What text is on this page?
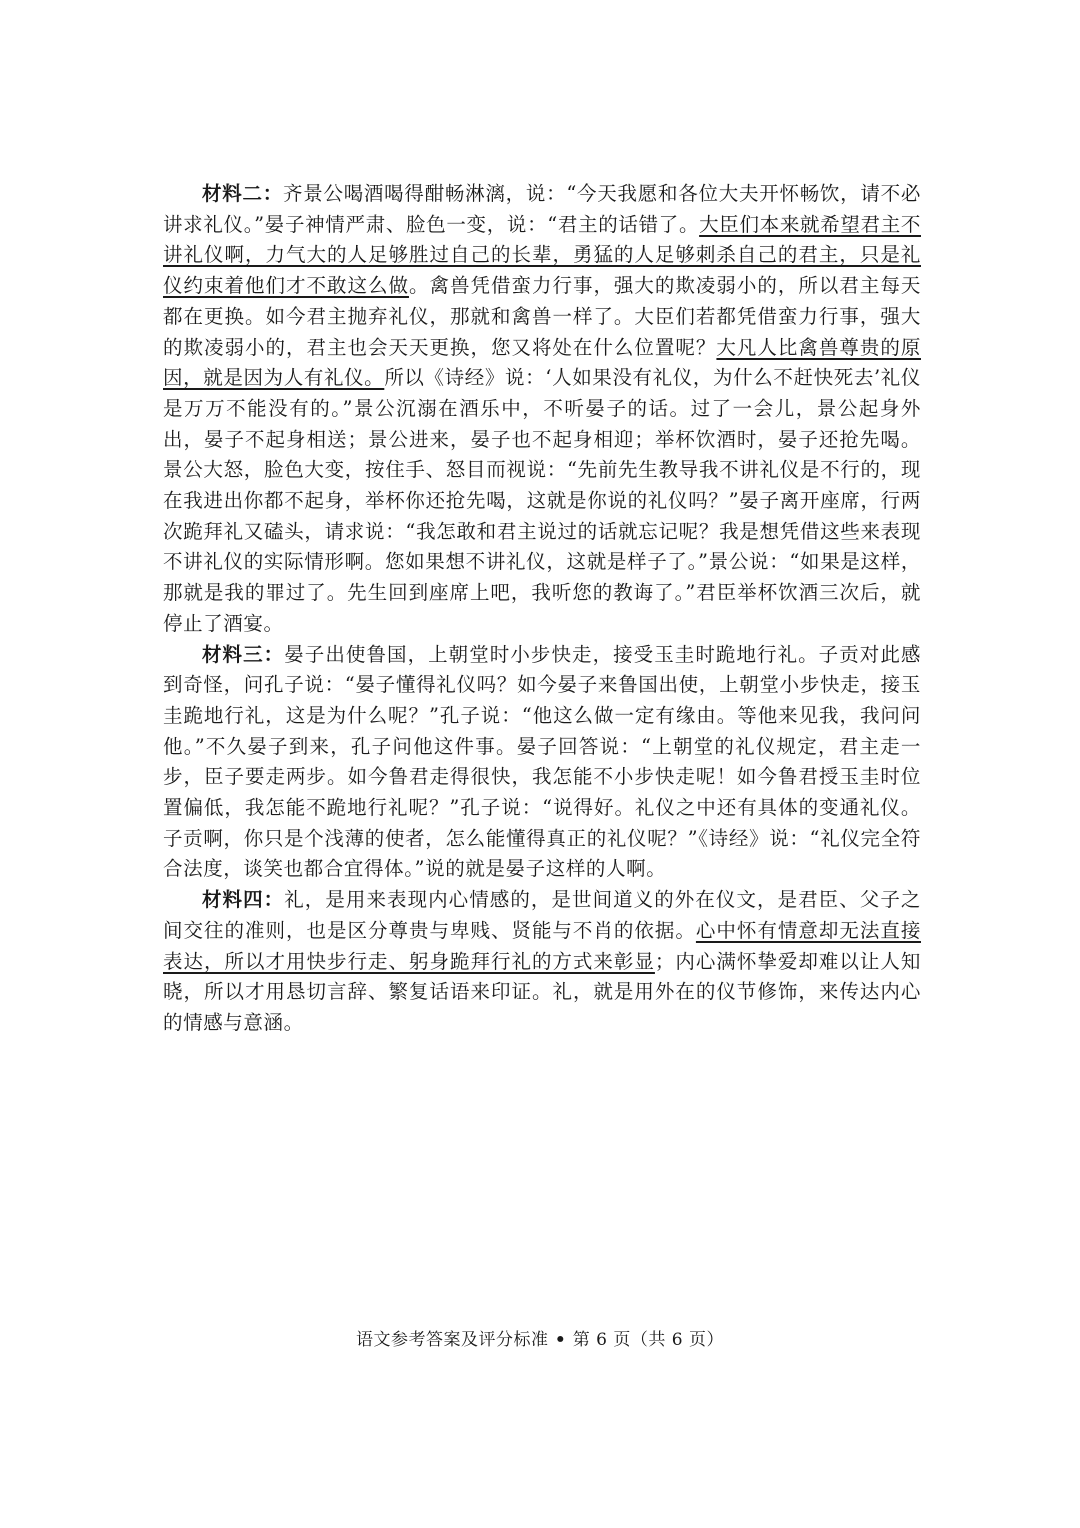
材料二：齐景公喝酒喝得酣畅淋漓，说：“今天我愿和各位大夫开怀畅饮，请不必讲求礼仪。”晏子神情严肃、脸色一变，说：“君主的话错了。大臣们本来就希望君主不讲礼仪啊，力气大的人足够胜过自己的长辈，勇猛的人足够刺杀自己的君主，只是礼仪约束着他们才不敢这么做。禽兽凭借蛮力行事，强大的欺凌弱小的，所以君主每天都在更换。如今君主抛弃礼仪，那就和禽兽一样了。大臣们若都凭借蛮力行事，强大的欺凌弱小的，君主也会天天更换，您又将处在什么位置呢？大凡人比禽兽尊贵的原因，就是因为人有礼仪。所以《诗经》说：‘人如果没有礼仪，为什么不赶快死去’礼仪是万万不能没有的。”景公沉溺在酒乐中，不听晏子的话。过了一会儿，景公起身外出，晏子不起身相送；景公进来，晏子也不起身相迎；举杯饮酒时，晏子还抢先喝。景公大怒，脸色大变，按住手、怒目而视说：“先前先生教导我不讲礼仪是不行的，现在我进出你都不起身，举杯你还抢先喝，这就是你说的礼仪吗？”晏子离开座席，行两次跪拜礼又磕头，请求说：“我怎敢和君主说过的话就忘记呢？我是想凭借这些来表现不讲礼仪的实际情形啊。您如果想不讲礼仪，这就是样子了。”景公说：“如果是这样，那就是我的罪过了。先生回到座席上吧，我听您的教诲了。”君臣举杯饮酒三次后，就停止了酒宴。

材料三：晏子出使鲁国，上朝堂时小步快走，接受玉圭时跪地行礼。子贡对此感到奇怪，问孔子说：“晏子懂得礼仪吗？如今晏子来鲁国出使，上朝堂小步快走，接玉圭跪地行礼，这是为什么呢？”孔子说：“他这么做一定有缘由。等他来见我，我问问他。”不久晏子到来，孔子问他这件事。晏子回答说：“上朝堂的礼仪规定，君主走一步，臣子要走两步。如今鲁君走得很快，我怎能不小步快走呢！如今鲁君授玉圭时位置偏低，我怎能不跪地行礼呢？”孔子说：“说得好。礼仪之中还有具体的变通礼仪。子贡啊，你只是个浅薄的使者，怎么能懂得真正的礼仪呢？”《诗经》说：“礼仪完全符合法度，谈笑也都合宜得体。”说的就是晏子这样的人啊。

材料四：礼，是用来表现内心情感的，是世间道义的外在仪文，是君臣、父子之间交往的准则，也是区分尊贵与卑贱、贤能与不肖的依据。心中怀有情意却无法直接表达，所以才用快步行走、躬身跪拜行礼的方式来彰显；内心满怀挚爱却难以让人知晓，所以才用恳切言辞、繁复话语来印证。礼，就是用外在的仪节修饰，来传达内心的情感与意涵。

语文参考答案及评分标准 • 第 6 页（共 6 页）
